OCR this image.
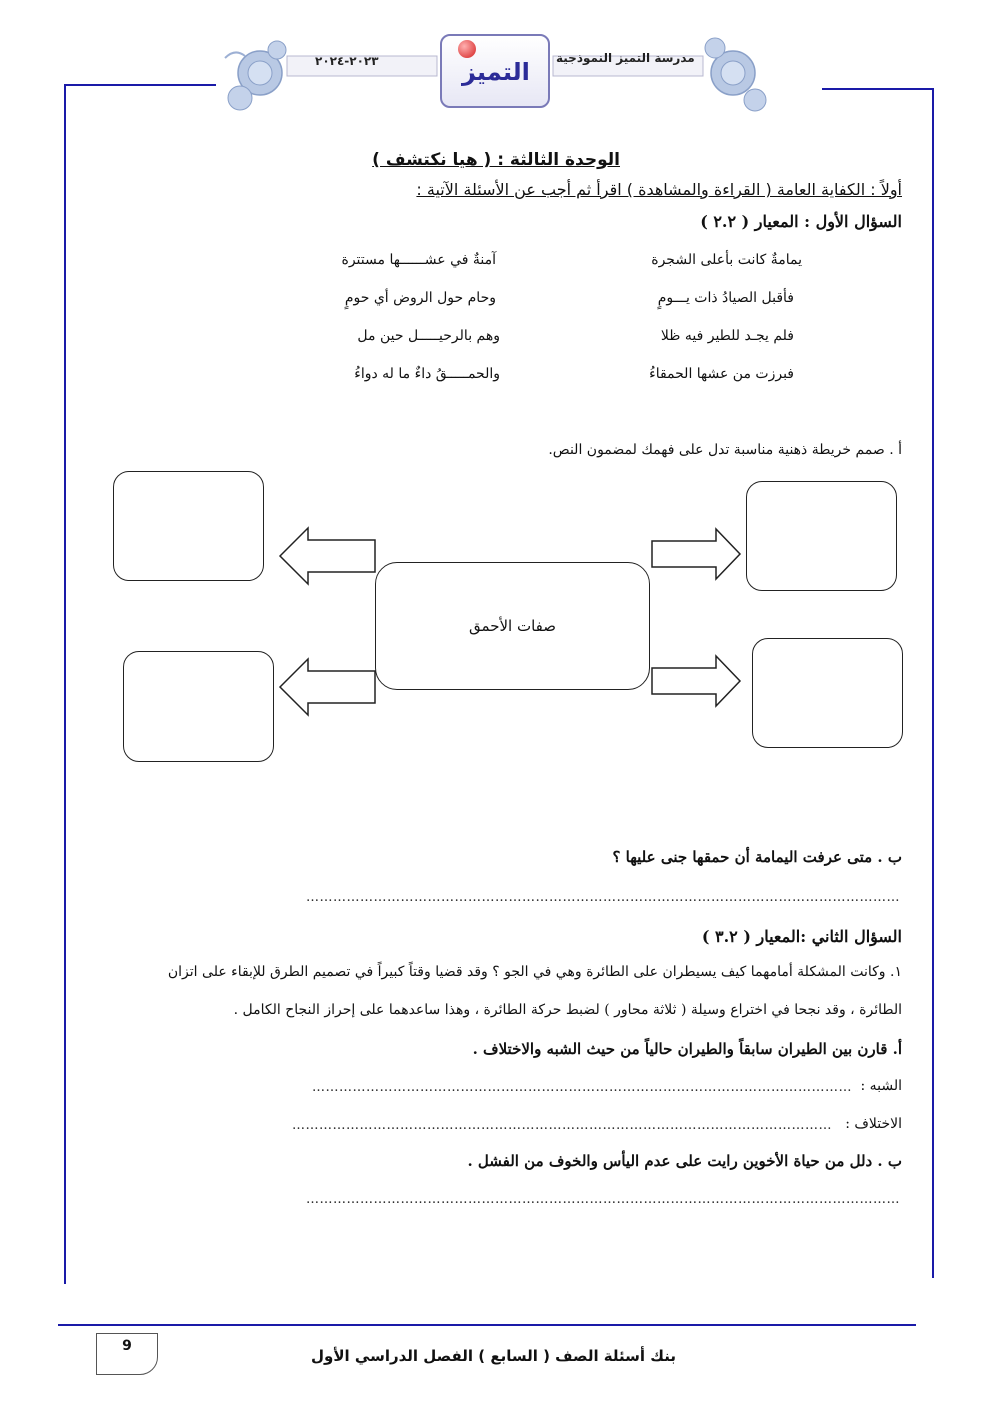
٢٠٢٣-٢٠٢٤	مدرسة التميز النموذجية
التميز
الوحدة الثالثة : ( هيا نكتشف )
أولاً : الكفاية العامة ( القراءة والمشاهدة ) اقرأ ثم أجب عن الأسئلة الآتية :
السؤال الأول : المعيار ( ٢.٢ )
يمامةٌ كانت بأعلى الشجرة
آمنةٌ في عشــــــها مستترة
فأقبل الصيادُ ذات يـــومٍ
وحام حول الروض أي حومٍ
فلم يجـد للطير فيه ظلا
وهم بالرحيـــــل حين مل
فبرزت من عشها الحمقاءُ
والحمـــــقُ داءٌ ما له دواءُ
أ . صمم خريطة ذهنية مناسبة تدل على فهمك لمضمون النص.
صفات الأحمق
ب . متى عرفت اليمامة أن حمقها جنى عليها ؟
……………………………………………………………………………………………………………………
السؤال الثاني :المعيار ( ٣.٢ )
١. وكانت المشكلة أمامهما كيف يسيطران على الطائرة وهي في الجو ؟ وقد قضيا وقتاً كبيراً في تصميم الطرق للإبقاء على اتزان
الطائرة ، وقد نجحا في اختراع وسيلة ( ثلاثة محاور ) لضبط حركة الطائرة ، وهذا ساعدهما على إحراز النجاح الكامل .
أ. قارن بين الطيران سابقاً والطيران حالياً من حيث الشبه والاختلاف .
الشبه :
…………………………………………………………………………………………………………
الاختلاف :
…………………………………………………………………………………………………………
ب . دلل من حياة الأخوين رايت على عدم اليأس والخوف من الفشل .
……………………………………………………………………………………………………………………
9
بنك أسئلة الصف ( السابع ) الفصل الدراسي الأول
